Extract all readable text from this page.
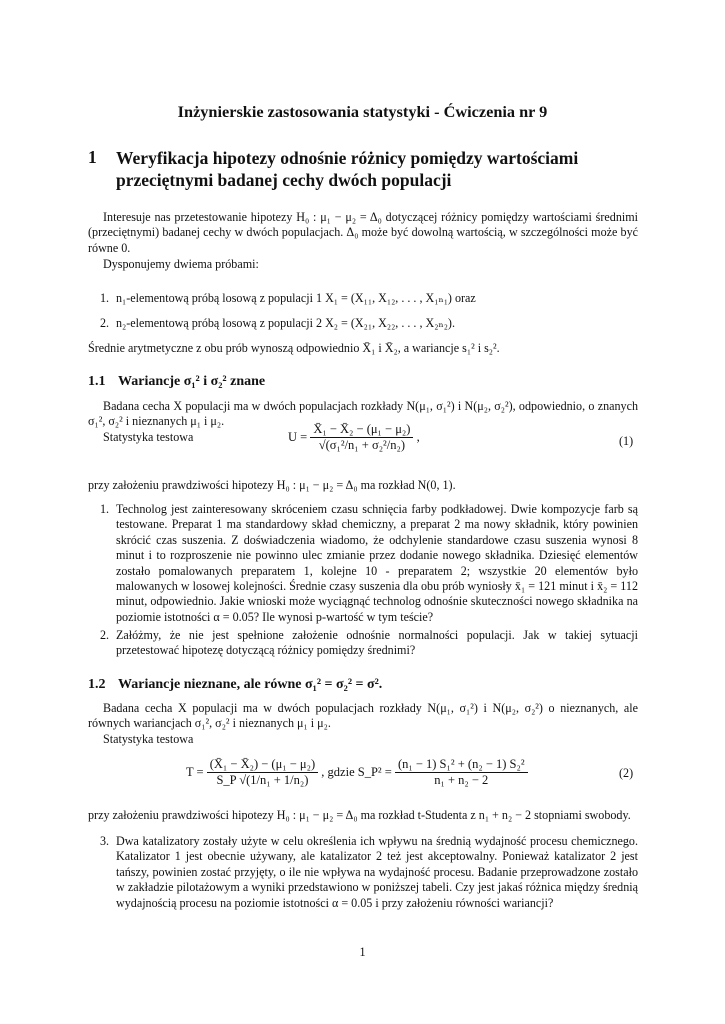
Inżynierskie zastosowania statystyki - Ćwiczenia nr 9
1 Weryfikacja hipotezy odnośnie różnicy pomiędzy wartościami przeciętnymi badanej cechy dwóch populacji
Interesuje nas przetestowanie hipotezy H₀ : μ₁ − μ₂ = Δ₀ dotyczącej różnicy pomiędzy wartościami średnimi (przeciętnymi) badanej cechy w dwóch populacjach. Δ₀ może być dowolną wartością, w szczególności może być równe 0.
Dysponujemy dwiema próbami:
1. n₁-elementową próbą losową z populacji 1 X₁ = (X₁₁, X₁₂, . . . , X₁ₙ₁) oraz
2. n₂-elementową próbą losową z populacji 2 X₂ = (X₂₁, X₂₂, . . . , X₂ₙ₂).
Średnie arytmetyczne z obu prób wynoszą odpowiednio X̄₁ i X̄₂, a wariancje s₁² i s₂².
1.1 Wariancje σ₁² i σ₂² znane
Badana cecha X populacji ma w dwóch populacjach rozkłady N(μ₁, σ₁²) i N(μ₂, σ₂²), odpowiednio, o znanych σ₁², σ₂² i nieznanych μ₁ i μ₂.
Statystyka testowa	$U = \frac{\text{X̄₁ − X̄₂ − (μ₁ − μ₂)}}{\text{√(σ₁²/n₁ + σ₂²/n₂)}}$ ,	(1)
przy założeniu prawdziwości hipotezy H₀ : μ₁ − μ₂ = Δ₀ ma rozkład N(0, 1).
1. Technolog jest zainteresowany skróceniem czasu schnięcia farby podkładowej. Dwie kompozycje farb są testowane. Preparat 1 ma standardowy skład chemiczny, a preparat 2 ma nowy składnik, który powinien skrócić czas suszenia. Z doświadczenia wiadomo, że odchylenie standardowe czasu suszenia wynosi 8 minut i to rozproszenie nie powinno ulec zmianie przez dodanie nowego składnika. Dziesięć elementów zostało pomalowanych preparatem 1, kolejne 10 - preparatem 2; wszystkie 20 elementów było malowanych w losowej kolejności. Średnie czasy suszenia dla obu prób wyniosły x̄₁ = 121 minut i x̄₂ = 112 minut, odpowiednio. Jakie wnioski może wyciągnąć technolog odnośnie skuteczności nowego składnika na poziomie istotności α = 0.05? Ile wynosi p-wartość w tym teście?
2. Załóżmy, że nie jest spełnione założenie odnośnie normalności populacji. Jak w takiej sytuacji przetestować hipotezę dotyczącą różnicy pomiędzy średnimi?
1.2 Wariancje nieznane, ale równe σ₁² = σ₂² = σ².
Badana cecha X populacji ma w dwóch populacjach rozkłady N(μ₁, σ₁²) i N(μ₂, σ₂²) o nieznanych, ale równych wariancjach σ₁², σ₂² i nieznanych μ₁ i μ₂.
Statystyka testowa
$T = \frac{\text{(X̄₁ − X̄₂) − (μ₁ − μ₂)}}{\text{S\_P √(1/n₁ + 1/n₂)}}$ , gdzie S_P² = $\frac{\text{(n₁ − 1) S₁² + (n₂ − 1) S₂²}}{\text{n₁ + n₂ − 2}}$	(2)
przy założeniu prawdziwości hipotezy H₀ : μ₁ − μ₂ = Δ₀ ma rozkład t-Studenta z n₁ + n₂ − 2 stopniami swobody.
3. Dwa katalizatory zostały użyte w celu określenia ich wpływu na średnią wydajność procesu chemicznego. Katalizator 1 jest obecnie używany, ale katalizator 2 też jest akceptowalny. Ponieważ katalizator 2 jest tańszy, powinien zostać przyjęty, o ile nie wpływa na wydajność procesu. Badanie przeprowadzone zostało w zakładzie pilotażowym a wyniki przedstawiono w poniższej tabeli. Czy jest jakaś różnica między średnią wydajnością procesu na poziomie istotności α = 0.05 i przy założeniu równości wariancji?
1
